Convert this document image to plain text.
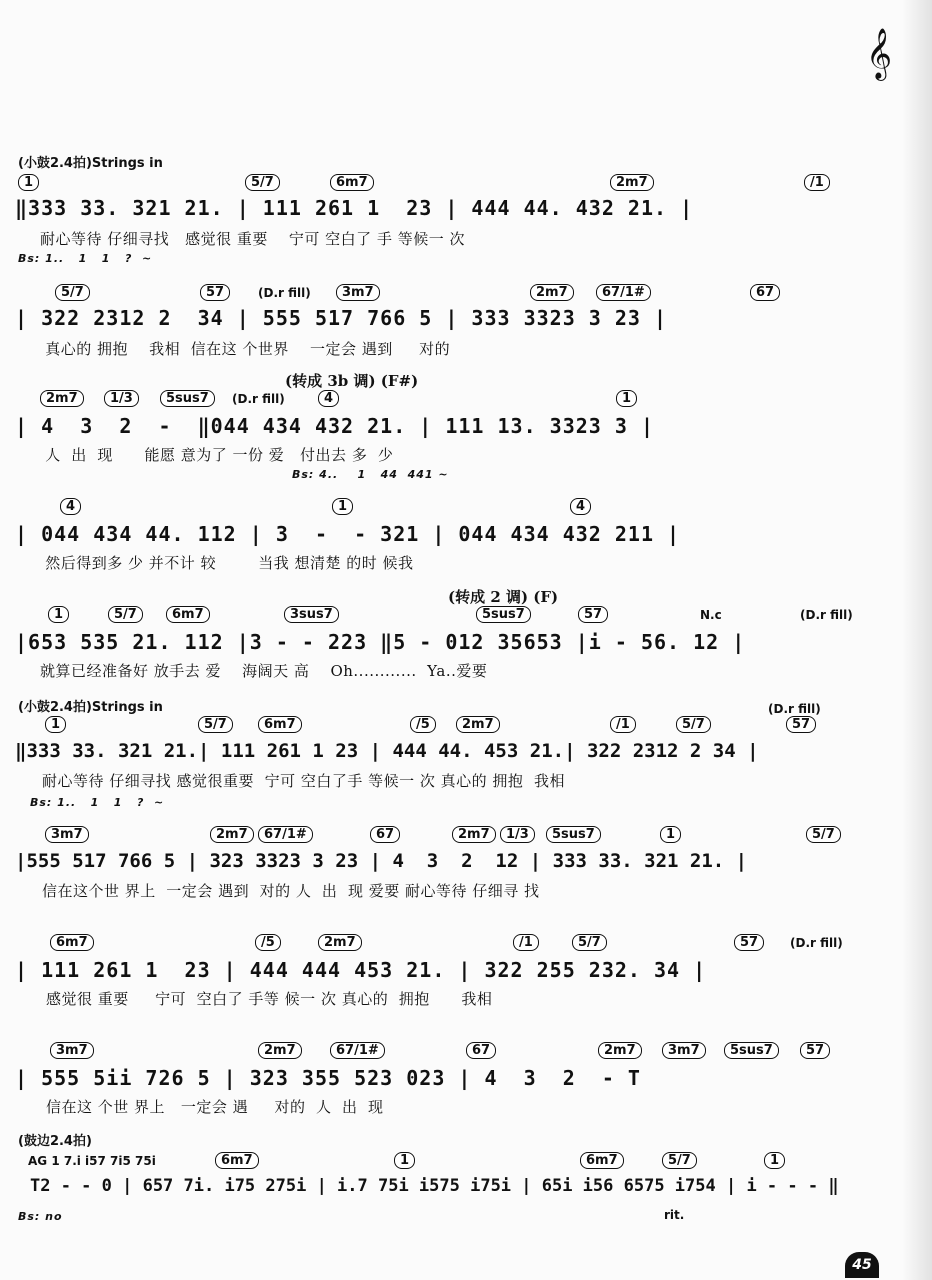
𝄞
(小鼓2.4拍)Strings in
1	5/7	6m7	2m7	/1
‖333 33. 321 21. | 111 261 1  23 | 444 44. 432 21. |
耐心等待 仔细寻找   感觉很 重要    宁可 空白了 手 等候一 次
Bs: 1..   1   1   ?  ~
5/7	57	(D.r fill)	3m7	2m7	67/1#	67
| 322 2312 2  34 | 555 517 766 5 | 333 3323 3 23 |
真心的 拥抱    我相  信在这 个世界    一定会 遇到     对的
(转成 3b 调) (F#)
2m7	1/3	5sus7	(D.r fill)	4	1
| 4  3  2  -  ‖044 434 432 21. | 111 13. 3323 3 |
人  出  现      能愿 意为了 一份 爱   付出去 多  少
Bs: 4..    1   44  441 ~
4	1	4
| 044 434 44. 112 | 3  -  - 321 | 044 434 432 211 |
然后得到多 少 并不计 较        当我 想清楚 的时 候我
(转成 2 调) (F)
1	5/7	6m7	3sus7	5sus7	57	N.c	(D.r fill)
|653 535 21. 112 |3 - - 223 ‖5 - 012 35653 |i - 56. 12 |
就算已经准备好 放手去 爱    海阔天 高    Oh............  Ya..爱要
(小鼓2.4拍)Strings in
1	5/7	6m7	/5	2m7	/1	5/7
(D.r fill)
57
‖333 33. 321 21.| 111 261 1 23 | 444 44. 453 21.| 322 2312 2 34 |
耐心等待 仔细寻找 感觉很重要  宁可 空白了手 等候一 次 真心的 拥抱  我相
Bs: 1..   1   1   ?  ~
3m7	2m7	67/1#	67	2m7	1/3	5sus7	1	5/7
|555 517 766 5 | 323 3323 3 23 | 4  3  2  12 | 333 33. 321 21. |
信在这个世 界上  一定会 遇到  对的 人  出  现 爱要 耐心等待 仔细寻 找
6m7	/5	2m7	/1	5/7	57	(D.r fill)
| 111 261 1  23 | 444 444 453 21. | 322 255 232. 34 |
感觉很 重要     宁可  空白了 手等 候一 次 真心的  拥抱      我相
3m7	2m7	67/1#	67	2m7	3m7	5sus7	57
| 555 5ii 726 5 | 323 355 523 023 | 4  3  2  - T
信在这 个世 界上   一定会 遇     对的  人  出  现
(鼓边2.4拍)
AG 1 7.i i57 7i5 75i	6m7	1	6m7	5/7	1
T2 - - 0 | 657 7i. i75 275i | i.7 75i i575 i75i | 65i i56 6575 i754 | i - - - ‖
Bs: no	rit.
45
